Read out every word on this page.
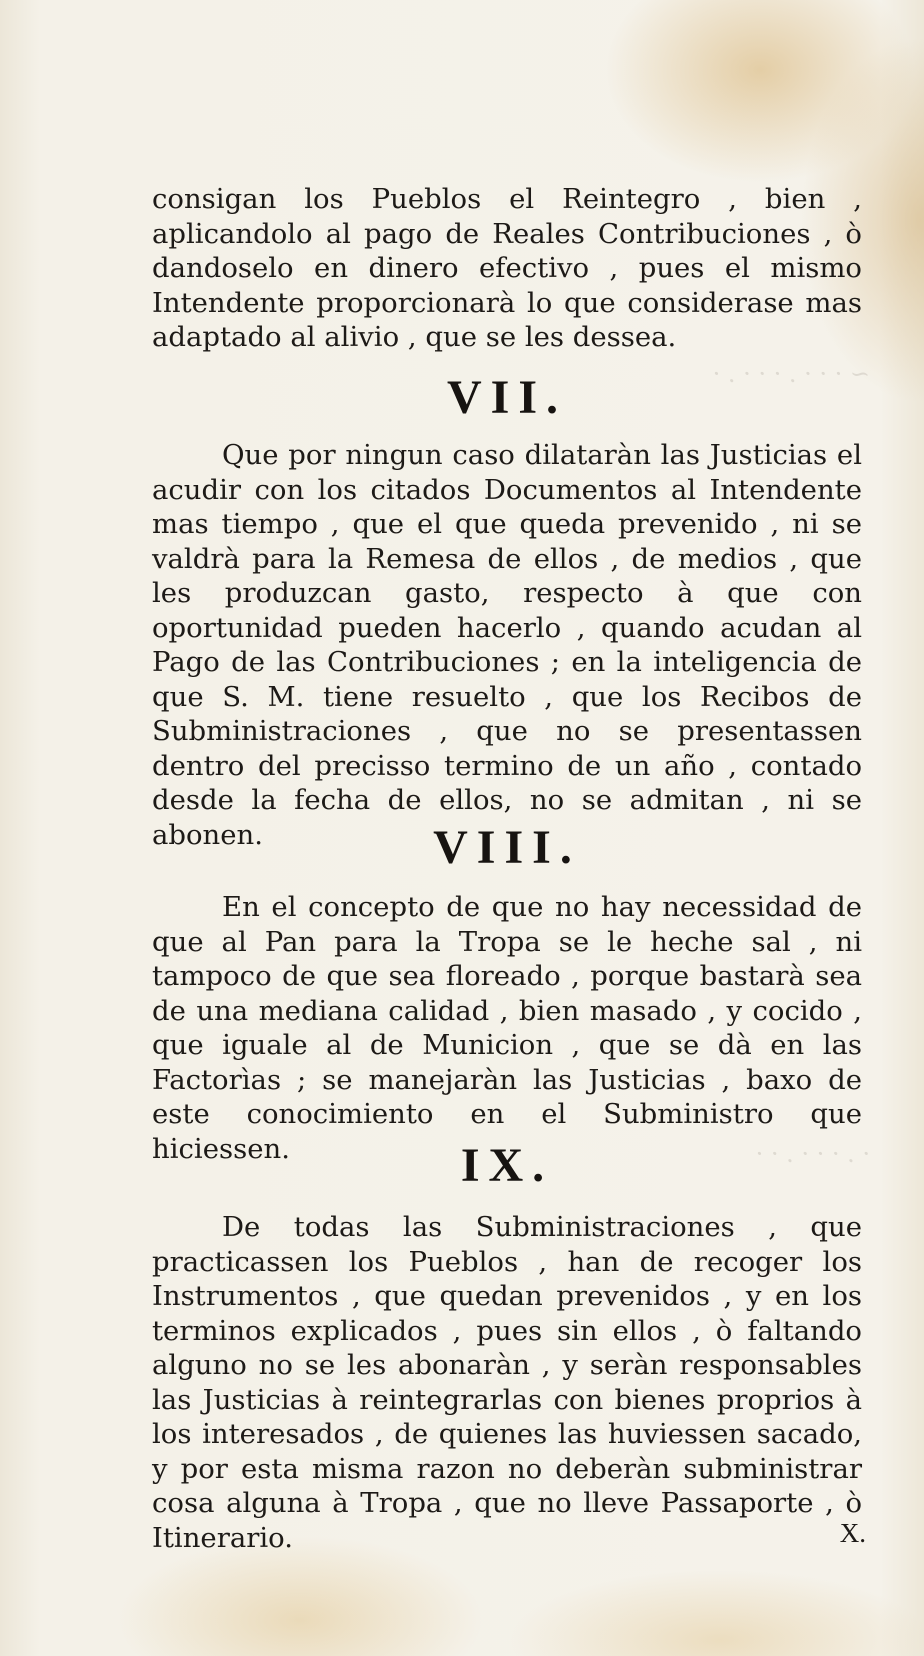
~ · · · . · · · . ·
· . · · · . · ·

consigan los Pueblos el Reintegro , bien , aplicandolo al pago de Reales Contribuciones , ò dandoselo en dinero efectivo , pues el mismo Intendente proporcionarà lo que considerase mas adaptado al alivio , que se les dessea.

VII.

Que por ningun caso dilataràn las Justicias el acudir con los citados Documentos al Intendente mas tiempo , que el que queda prevenido , ni se valdrà para la Remesa de ellos , de medios , que les produzcan gasto, respecto à que con oportunidad pueden hacerlo , quando acudan al Pago de las Contribuciones ; en la inteligencia de que S. M. tiene resuelto , que los Recibos de Subministraciones , que no se presentassen dentro del precisso termino de un año , contado desde la fecha de ellos, no se admitan , ni se abonen.	VIII.

En el concepto de que no hay necessidad de que al Pan para la Tropa se le heche sal , ni tampoco de que sea floreado , porque bastarà sea de una mediana calidad , bien masado , y cocido , que iguale al de Municion , que se dà en las Factorìas ; se manejaràn las Justicias , baxo de este conocimiento en el Subministro que hiciessen.	IX.

De todas las Subministraciones , que practicassen los Pueblos , han de recoger los Instrumentos , que quedan prevenidos , y en los terminos explicados , pues sin ellos , ò faltando alguno no se les abonaràn , y seràn responsables las Justicias à reintegrarlas con bienes proprios à los interesados , de quienes las huviessen sacado, y por esta misma razon no deberàn subministrar cosa alguna à Tropa , que no lleve Passaporte , ò Itinerario.	X.
